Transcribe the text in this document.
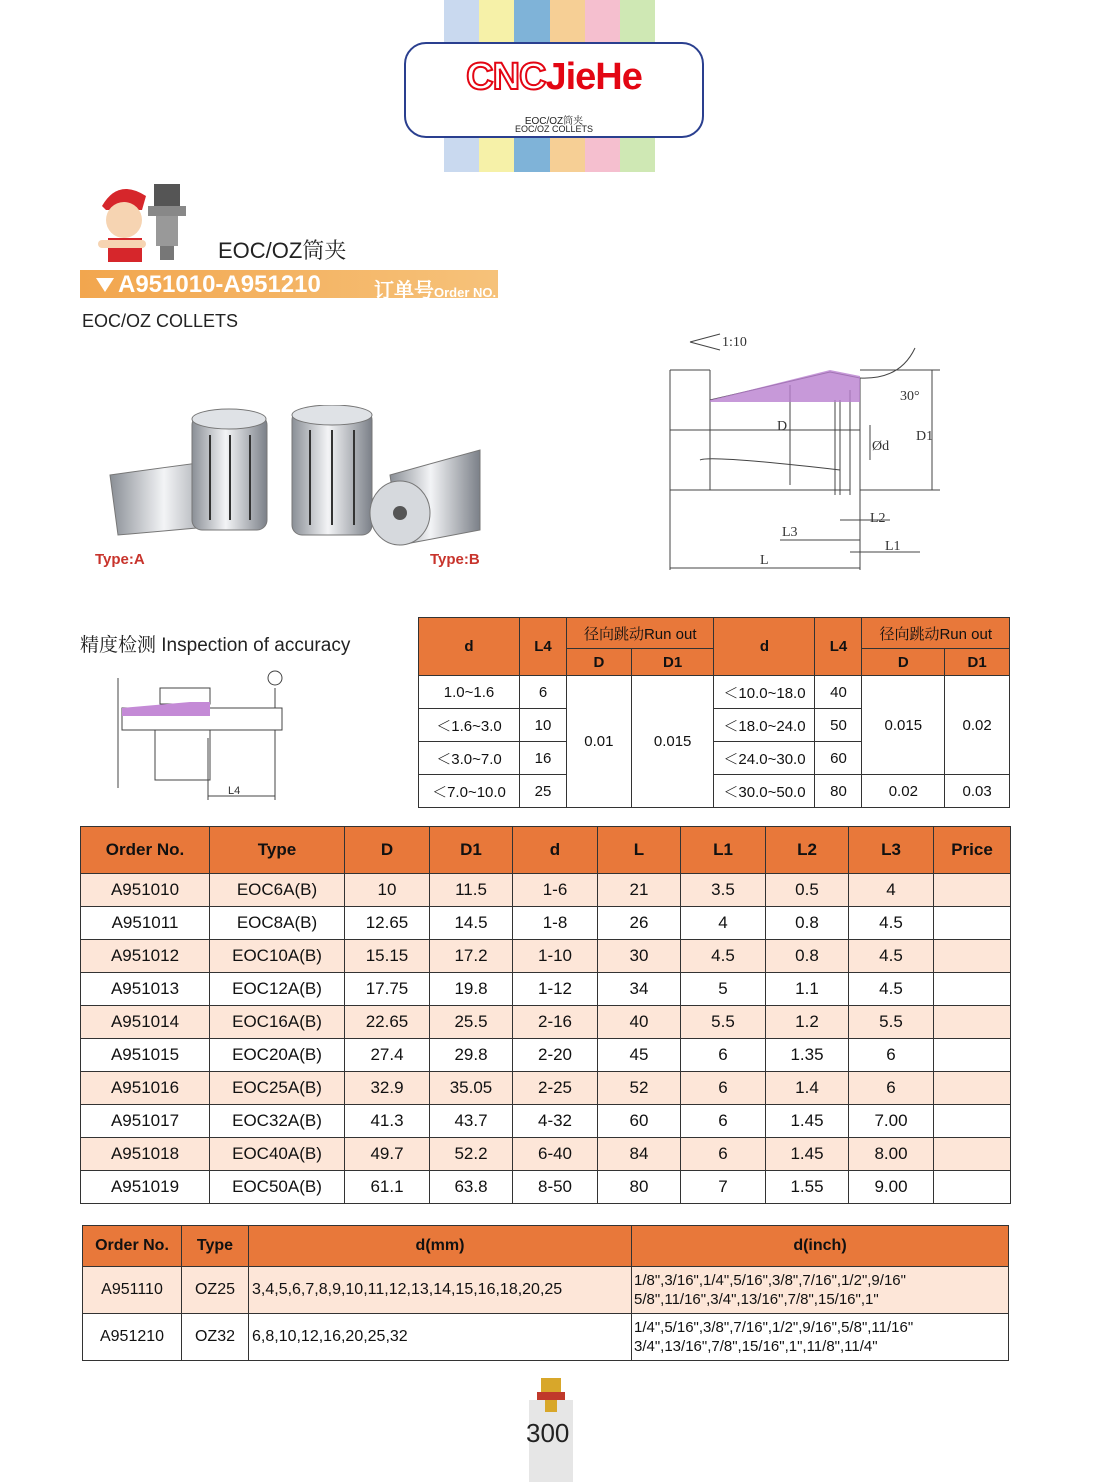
CNCJieHe
EOC/OZ筒夹
EOC/OZ COLLETS
EOC/OZ筒夹
A951010-A951210	订单号Order NO.
EOC/OZ COLLETS
Type:A	Type:B
1:10
30°
D
Ød
D1
L2
L3
L1
L
精度检测 Inspection of accuracy
L4
d	L4	径向跳动Run out		d	L4	径向跳动Run out	
		D	D1			D	D1
1.0~1.6	6	0.01	0.015	＜10.0~18.0	40	0.015	0.02
＜1.6~3.0	10			＜18.0~24.0	50		
＜3.0~7.0	16			＜24.0~30.0	60		
＜7.0~10.0	25			＜30.0~50.0	80	0.02	0.03
Order No.	Type	D	D1	d	L	L1	L2	L3	Price
A951010	EOC6A(B)	10	11.5	1-6	21	3.5	0.5	4	
A951011	EOC8A(B)	12.65	14.5	1-8	26	4	0.8	4.5	
A951012	EOC10A(B)	15.15	17.2	1-10	30	4.5	0.8	4.5	
A951013	EOC12A(B)	17.75	19.8	1-12	34	5	1.1	4.5	
A951014	EOC16A(B)	22.65	25.5	2-16	40	5.5	1.2	5.5	
A951015	EOC20A(B)	27.4	29.8	2-20	45	6	1.35	6	
A951016	EOC25A(B)	32.9	35.05	2-25	52	6	1.4	6	
A951017	EOC32A(B)	41.3	43.7	4-32	60	6	1.45	7.00	
A951018	EOC40A(B)	49.7	52.2	6-40	84	6	1.45	8.00	
A951019	EOC50A(B)	61.1	63.8	8-50	80	7	1.55	9.00	
Order No.	Type	d(mm)	d(inch)
A951110	OZ25	3,4,5,6,7,8,9,10,11,12,13,14,15,16,18,20,25	1/8",3/16",1/4",5/16",3/8",7/16",1/2",9/16"
5/8",11/16",3/4",13/16",7/8",15/16",1"
A951210	OZ32	6,8,10,12,16,20,25,32	1/4",5/16",3/8",7/16",1/2",9/16",5/8",11/16"
3/4",13/16",7/8",15/16",1",11/8",11/4"
300
